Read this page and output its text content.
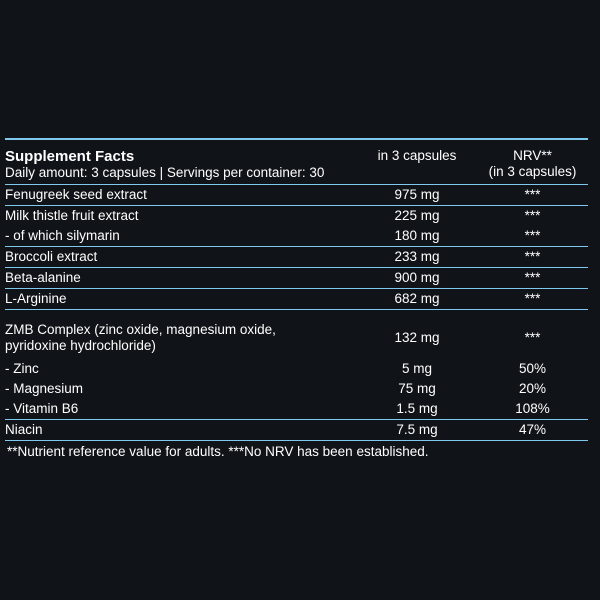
Supplement Facts
Daily amount: 3 capsules | Servings per container: 30
in 3 capsules	NRV**
(in 3 capsules)
Fenugreek seed extract	975 mg	***
Milk thistle fruit extract	225 mg	***
- of which silymarin	180 mg	***
Broccoli extract	233 mg	***
Beta-alanine	900 mg	***
L-Arginine	682 mg	***
ZMB Complex (zinc oxide, magnesium oxide,
pyridoxine hydrochloride)
132 mg	***
- Zinc	5 mg	50%
- Magnesium	75 mg	20%
- Vitamin B6	1.5 mg	108%
Niacin	7.5 mg	47%
**Nutrient reference value for adults. ***No NRV has been established.
